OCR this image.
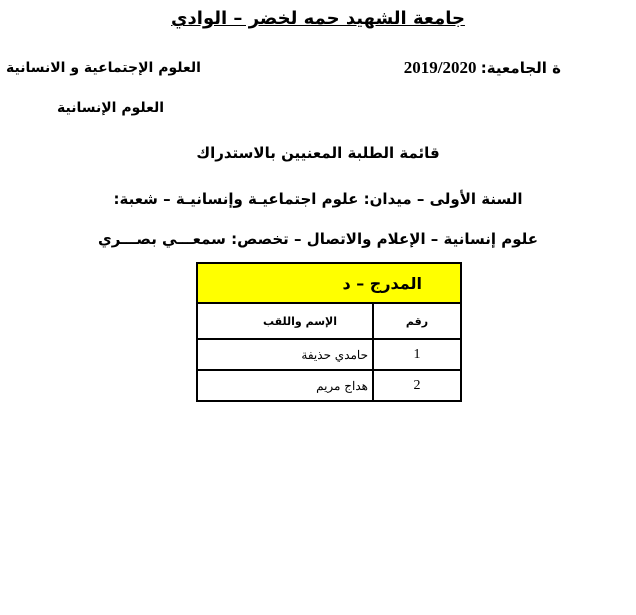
جامعة الشهيد حمه لخضر – الوادي
ة الجامعية: 2019/2020
العلوم الإجتماعية و الانسانية
العلوم الإنسانية
قائمة الطلبة المعنيين بالاستدراك
السنة الأولى – ميدان: علوم اجتماعيـة وإنسانيـة – شعبة:
علوم إنسانية – الإعلام والاتصال – تخصص: سمعـــي بصـــري
المدرج – د	
رقم	الإسم واللقب
1	حامدي حذيفة
2	هداج مريم
